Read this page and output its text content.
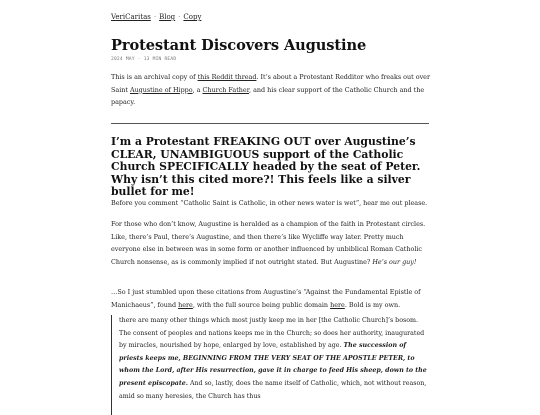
VeriCaritas · Blog · Copy
Protestant Discovers Augustine
2024 MAY · 13 MIN READ

This is an archival copy of this Reddit thread. It’s about a Protestant Redditor who freaks out over Saint Augustine of Hippo, a Church Father, and his clear support of the Catholic Church and the papacy.

I’m a Protestant FREAKING OUT over Augustine’s CLEAR, UNAMBIGUOUS support of the Catholic Church SPECIFICALLY headed by the seat of Peter. Why isn’t this cited more?! This feels like a silver bullet for me!

Before you comment “Catholic Saint is Catholic, in other news water is wet”, hear me out please.

For those who don’t know, Augustine is heralded as a champion of the faith in Protestant circles. Like, there’s Paul, there’s Augustine, and then there’s like Wycliffe way later. Pretty much everyone else in between was in some form or another influenced by unbiblical Roman Catholic Church nonsense, as is commonly implied if not outright stated. But Augustine? He’s our guy!

…So I just stumbled upon these citations from Augustine’s “Against the Fundamental Epistle of Manichaeus”, found here, with the full source being public domain here. Bold is my own.

there are many other things which most justly keep me in her [the Catholic Church]’s bosom. The consent of peoples and nations keeps me in the Church; so does her authority, inaugurated by miracles, nourished by hope, enlarged by love, established by age. The succession of priests keeps me, BEGINNING FROM THE VERY SEAT OF THE APOSTLE PETER, to whom the Lord, after His resurrection, gave it in charge to feed His sheep, down to the present episcopate. And so, lastly, does the name itself of Catholic, which, not without reason, amid so many heresies, the Church has thus
